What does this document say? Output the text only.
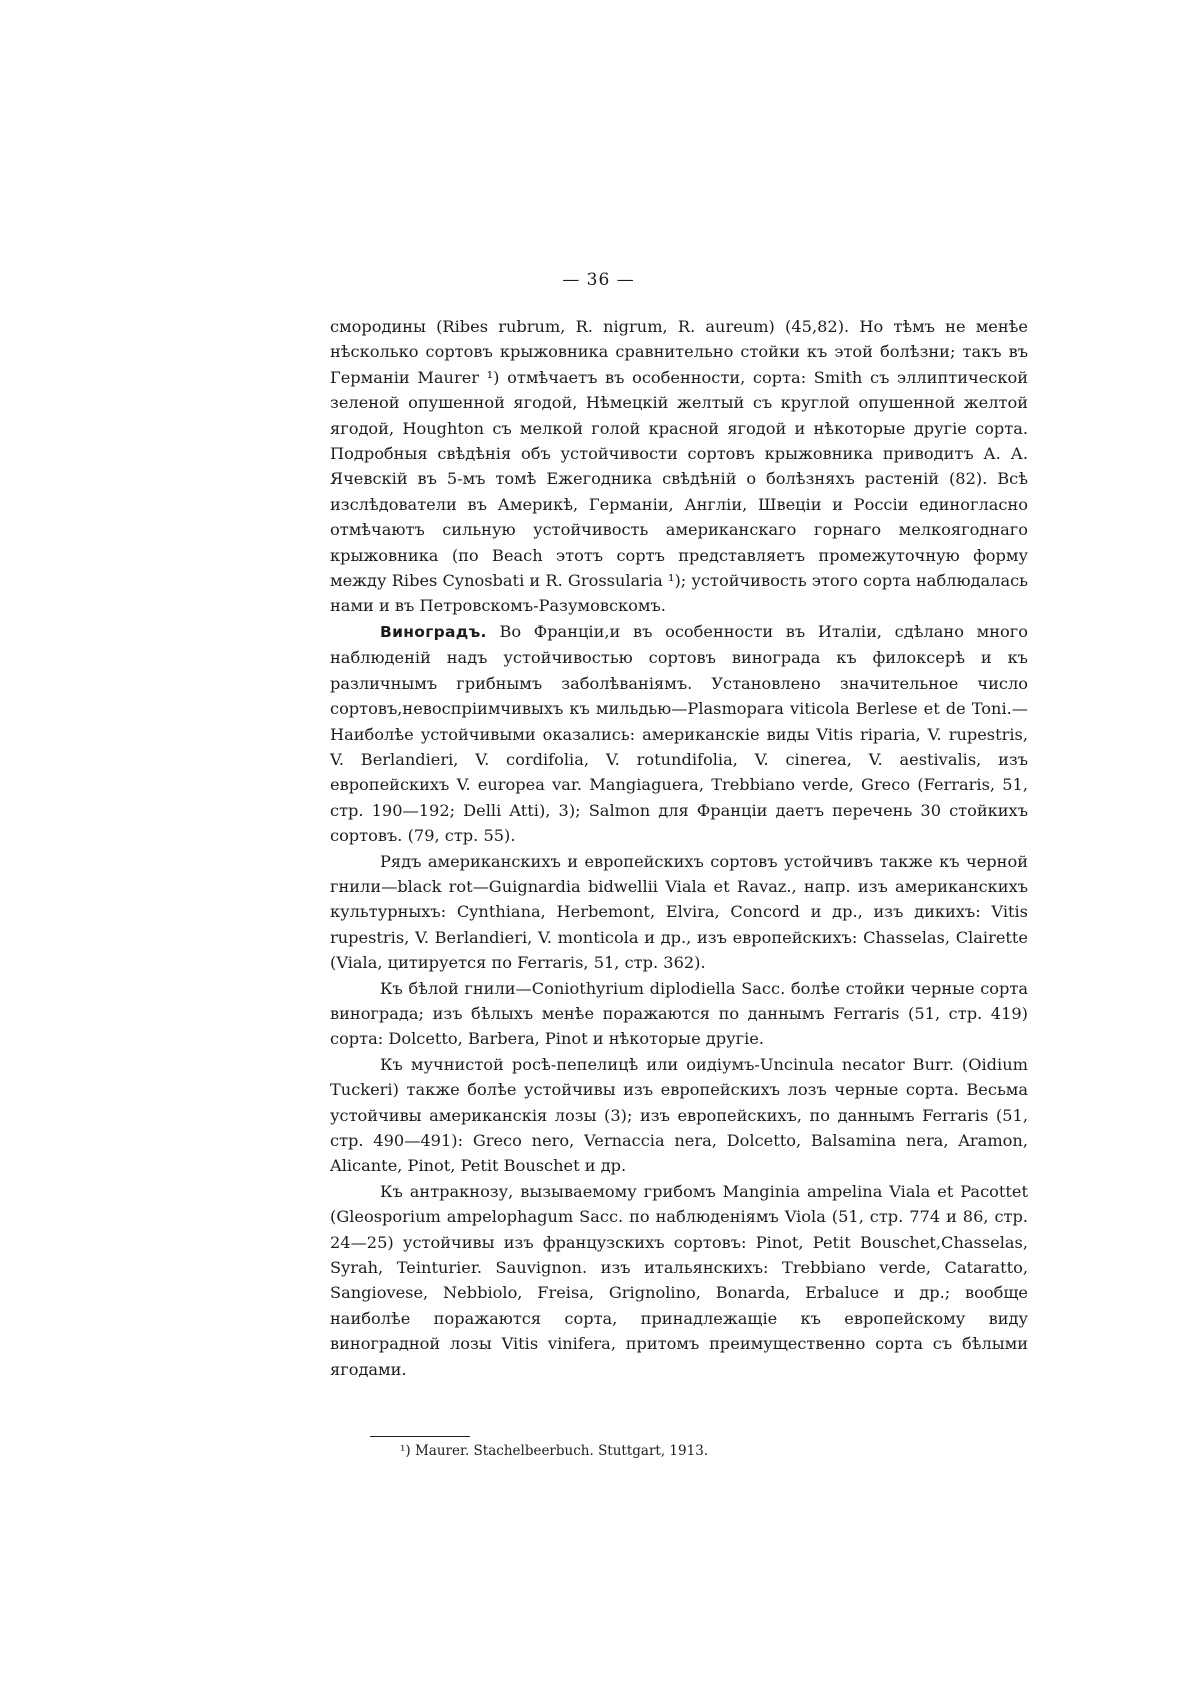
— 36 —

смородины (Ribes rubrum, R. nigrum, R. aureum) (45,82). Но тѣмъ не менѣе нѣсколько сортовъ крыжовника сравнительно стойки къ этой болѣзни; такъ въ Германіи Maurer ¹) отмѣчаетъ въ особенности, сорта: Smith съ эллиптической зеленой опушенной ягодой, Нѣмецкій желтый съ круглой опушенной желтой ягодой, Houghton съ мелкой голой красной ягодой и нѣкоторые другіе сорта. Подробныя свѣдѣнія объ устойчивости сортовъ крыжовника приводитъ А. А. Ячевскій въ 5-мъ томѣ Ежегодника свѣдѣній о болѣзняхъ растеній (82). Всѣ изслѣдователи въ Америкѣ, Германіи, Англіи, Швеціи и Россіи единогласно отмѣчаютъ сильную устойчивость американскаго горнаго мелкоягоднаго крыжовника (по Beach этотъ сортъ представляетъ промежуточную форму между Ribes Cynosbati и R. Grossularia ¹); устойчивость этого сорта наблюдалась нами и въ Петровскомъ-Разумовскомъ.

Виноградъ. Во Франціи,и въ особенности въ Италіи, сдѣлано много наблюденій надъ устойчивостью сортовъ винограда къ филоксерѣ и къ различнымъ грибнымъ заболѣваніямъ. Установлено значительное число сортовъ,невоспріимчивыхъ къ мильдью—Plasmopara viticola Berlese et de Toni.—Наиболѣе устойчивыми оказались: американскіе виды Vitis riparia, V. rupestris, V. Berlandieri, V. cordifolia, V. rotundifolia, V. cinerea, V. aestivalis, изъ европейскихъ V. europea var. Mangiaguera, Trebbiano verde, Greco (Ferraris, 51, стр. 190—192; Delli Atti), 3); Salmon для Франціи даетъ перечень 30 стойкихъ сортовъ. (79, стр. 55).

Рядъ американскихъ и европейскихъ сортовъ устойчивъ также къ черной гнили—black rot—Guignardia bidwellii Viala et Ravaz., напр. изъ американскихъ культурныхъ: Cynthiana, Herbemont, Elvira, Concord и др., изъ дикихъ: Vitis rupestris, V. Berlandieri, V. monticola и др., изъ европейскихъ: Chasselas, Clairette (Viala, цитируется по Ferraris, 51, стр. 362).

Къ бѣлой гнили—Coniothyrium diplodiella Sacc. болѣе стойки черные сорта винограда; изъ бѣлыхъ менѣе поражаются по даннымъ Ferraris (51, стр. 419) сорта: Dolcetto, Barbera, Pinot и нѣкоторые другіе.

Къ мучнистой росѣ-пепелицѣ или оидіумъ-Uncinula necator Burr. (Oidium Tuckeri) также болѣе устойчивы изъ европейскихъ лозъ черные сорта. Весьма устойчивы американскія лозы (3); изъ европейскихъ, по даннымъ Ferraris (51, стр. 490—491): Greco nero, Vernaccia nera, Dolcetto, Balsamina nera, Aramon, Alicante, Pinot, Petit Bouschet и др.

Къ антракнозу, вызываемому грибомъ Manginia ampelina Viala et Pacottet (Gleosporium ampelophagum Sacc. по наблюденіямъ Viola (51, стр. 774 и 86, стр. 24—25) устойчивы изъ французскихъ сортовъ: Pinot, Petit Bouschet,Chasselas, Syrah, Teinturier. Sauvignon. изъ итальянскихъ: Trebbiano verde, Cataratto, Sangiovese, Nebbiolo, Freisa, Grignolino, Bonarda, Erbaluce и др.; вообще наиболѣе поражаются сорта, принадлежащіе къ европейскому виду виноградной лозы Vitis vinifera, притомъ преимущественно сорта съ бѣлыми ягодами.

¹) Maurer. Stachelbeerbuch. Stuttgart, 1913.
